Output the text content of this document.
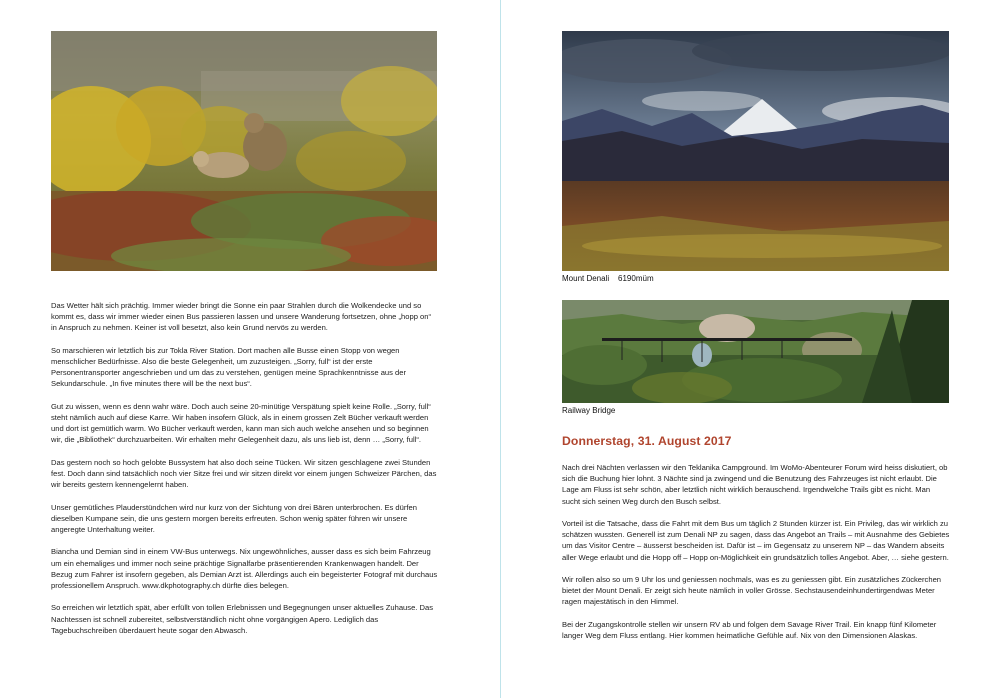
Das Wetter hält sich prächtig. Immer wieder bringt die Sonne ein paar Strahlen durch die Wolkendecke und so kommt es, dass wir immer wieder einen Bus passieren lassen und unsere Wanderung fortsetzen, ohne „hopp on“ in Anspruch zu nehmen. Keiner ist voll besetzt, also kein Grund nervös zu werden.

So marschieren wir letztlich bis zur Tokla River Station. Dort machen alle Busse einen Stopp von wegen menschlicher Bedürfnisse. Also die beste Gelegenheit, um zuzusteigen. „Sorry, full“ ist der erste Personentransporter angeschrieben und um das zu verstehen, genügen meine Sprachkenntnisse aus der Sekundarschule. „In five minutes there will be the next bus“.

Gut zu wissen, wenn es denn wahr wäre. Doch auch seine 20-minütige Verspätung spielt keine Rolle. „Sorry, full“ steht nämlich auch auf diese Karre. Wir haben insofern Glück, als in einem grossen Zelt Bücher verkauft werden und dort ist gemütlich warm. Wo Bücher verkauft werden, kann man sich auch welche ansehen und so beginnen wir, die „Bibliothek“ durchzuarbeiten. Wir erhalten mehr Gelegenheit dazu, als uns lieb ist, denn … „Sorry, full“.

Das gestern noch so hoch gelobte Bussystem hat also doch seine Tücken. Wir sitzen geschlagene zwei Stunden fest. Doch dann sind tatsächlich noch vier Sitze frei und wir sitzen direkt vor einem jungen Schweizer Pärchen, das wir bereits gestern kennengelernt haben.

Unser gemütliches Plauderstündchen wird nur kurz von der Sichtung von drei Bären unterbrochen. Es dürfen dieselben Kumpane sein, die uns gestern morgen bereits erfreuten. Schon wenig später führen wir unsere angeregte Unterhaltung weiter.

Biancha und Demian sind in einem VW-Bus unterwegs. Nix ungewöhnliches, ausser dass es sich beim Fahrzeug um ein ehemaliges und immer noch seine prächtige Signalfarbe präsentierenden Krankenwagen handelt. Der Bezug zum Fahrer ist insofern gegeben, als Demian Arzt ist. Allerdings auch ein begeisterter Fotograf mit durchaus professionellem Anspruch. www.dkphotography.ch dürfte dies belegen.

So erreichen wir letztlich spät, aber erfüllt von tollen Erlebnissen und Begegnungen unser aktuelles Zuhause. Das Nachtessen ist schnell zubereitet, selbstverständlich nicht ohne vorgängigen Apero. Lediglich das Tagebuchschreiben überdauert heute sogar den Abwasch.

Mount Denali    6190müm
Railway Bridge
Donnerstag, 31. August 2017

Nach drei Nächten verlassen wir den Teklanika Campground. Im WoMo-Abenteurer Forum wird heiss diskutiert, ob sich die Buchung hier lohnt. 3 Nächte sind ja zwingend und die Benutzung des Fahrzeuges ist nicht erlaubt. Die Lage am Fluss ist sehr schön, aber letztlich nicht wirklich berauschend. Irgendwelche Trails gibt es nicht. Man sucht sich seinen Weg durch den Busch selbst.

Vorteil ist die Tatsache, dass die Fahrt mit dem Bus um täglich 2 Stunden kürzer ist. Ein Privileg, das wir wirklich zu schätzen wussten. Generell ist zum Denali NP zu sagen, dass das Angebot an Trails – mit Ausnahme des Gebietes um das Visitor Centre – äusserst bescheiden ist. Dafür ist – im Gegensatz zu unserem NP – das Wandern abseits aller Wege erlaubt und die Hopp off – Hopp on-Möglichkeit ein grundsätzlich tolles Angebot. Aber, … siehe gestern.

Wir rollen also so um 9 Uhr los und geniessen nochmals, was es zu geniessen gibt. Ein zusätzliches Zückerchen bietet der Mount Denali. Er zeigt sich heute nämlich in voller Grösse. Sechstausendeinhundertirgendwas Meter ragen majestätisch in den Himmel.

Bei der Zugangskontrolle stellen wir unsern RV ab und folgen dem Savage River Trail. Ein knapp fünf Kilometer langer Weg dem Fluss entlang. Hier kommen heimatliche Gefühle auf. Nix von den Dimensionen Alaskas.
